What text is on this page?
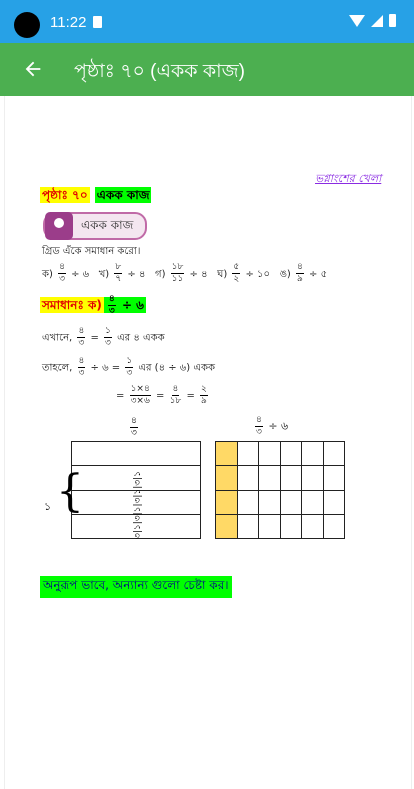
11:22
পৃষ্ঠাঃ ৭০ (একক কাজ)
ভগ্নাংশের খেলা
পৃষ্ঠাঃ ৭০ একক কাজ
একক কাজ
গ্রিড এঁকে সমাধান করো।
ক) $\frac{৪}{৩}$ ÷ ৬ খ) $\frac{৮}{৭}$ ÷ ৪ গ) $\frac{১৮}{১১}$ ÷ ৪ ঘ) $\frac{৫}{২}$ ÷ ১০ ঙ) $\frac{৪}{৯}$ ÷ ৫
সমাধানঃ ক) $\frac{৪}{৩}$ ÷ ৬
এখানে, $\frac{৪}{৩} = \frac{১}{৩}$ এর ৪ একক
তাহলে, $\frac{৪}{৩}$ ÷ ৬ = $\frac{১}{৩}$ এর (৪ ÷ ৬) একক
= $\frac{১\times ৪}{৩\times ৬} = \frac{৪}{১৮} = \frac{২}{৯}$
৪
৩

৩|১|৩|১|৩|১|৩|১
{
১
$\frac{৪}{৩}$ ÷ ৬

অনুরূপ ভাবে, অন্যান্য গুলো চেষ্টা কর।
